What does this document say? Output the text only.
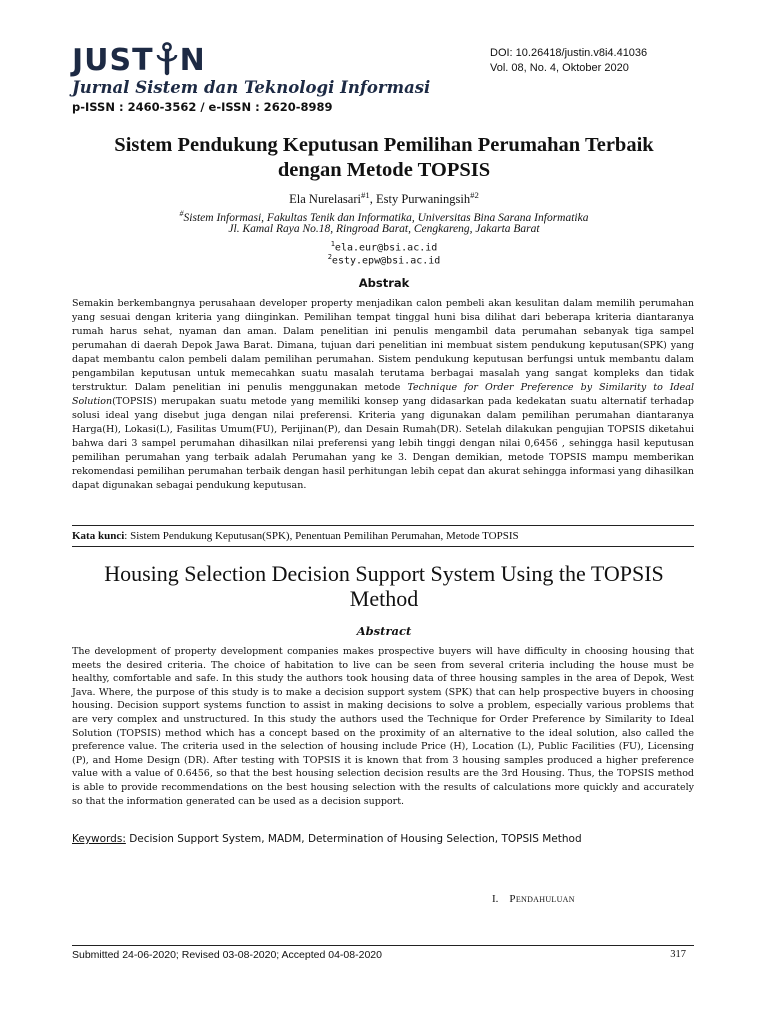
JUST N
Jurnal Sistem dan Teknologi Informasi
p-ISSN : 2460-3562 / e-ISSN : 2620-8989
DOI: 10.26418/justin.v8i4.41036
Vol. 08, No. 4, Oktober 2020
Sistem Pendukung Keputusan Pemilihan Perumahan Terbaik
dengan Metode TOPSIS
Ela Nurelasari$^{\#1}$, Esty Purwaningsih$^{\#2}$
#Sistem Informasi, Fakultas Tenik dan Informatika, Universitas Bina Sarana Informatika
Jl. Kamal Raya No.18, Ringroad Barat, Cengkareng, Jakarta Barat
$^1$ela.eur@bsi.ac.id
$^2$esty.epw@bsi.ac.id
Abstrak
Semakin berkembangnya perusahaan developer property menjadikan calon pembeli akan kesulitan dalam memilih perumahan yang sesuai dengan kriteria yang diinginkan. Pemilihan tempat tinggal huni bisa dilihat dari beberapa kriteria diantaranya rumah harus sehat, nyaman dan aman. Dalam penelitian ini penulis mengambil data perumahan sebanyak tiga sampel perumahan di daerah Depok Jawa Barat. Dimana, tujuan dari penelitian ini membuat sistem pendukung keputusan(SPK) yang dapat membantu calon pembeli dalam pemilihan perumahan. Sistem pendukung keputusan berfungsi untuk membantu dalam pengambilan keputusan untuk memecahkan suatu masalah terutama berbagai masalah yang sangat kompleks dan tidak terstruktur. Dalam penelitian ini penulis menggunakan metode Technique for Order Preference by Similarity to Ideal Solution(TOPSIS) merupakan suatu metode yang memiliki konsep yang didasarkan pada kedekatan suatu alternatif terhadap solusi ideal yang disebut juga dengan nilai preferensi. Kriteria yang digunakan dalam pemilihan perumahan diantaranya Harga(H), Lokasi(L), Fasilitas Umum(FU), Perijinan(P), dan Desain Rumah(DR). Setelah dilakukan pengujian TOPSIS diketahui bahwa dari 3 sampel perumahan dihasilkan nilai preferensi yang lebih tinggi dengan nilai 0,6456 , sehingga hasil keputusan pemilihan perumahan yang terbaik adalah Perumahan yang ke 3. Dengan demikian, metode TOPSIS mampu memberikan rekomendasi pemilihan perumahan terbaik dengan hasil perhitungan lebih cepat dan akurat sehingga informasi yang dihasilkan dapat digunakan sebagai pendukung keputusan.
Kata kunci: Sistem Pendukung Keputusan(SPK), Penentuan Pemilihan Perumahan, Metode TOPSIS
Housing Selection Decision Support System Using the TOPSIS
Method
Abstract
The development of property development companies makes prospective buyers will have difficulty in choosing housing that meets the desired criteria. The choice of habitation to live can be seen from several criteria including the house must be healthy, comfortable and safe. In this study the authors took housing data of three housing samples in the area of Depok, West Java. Where, the purpose of this study is to make a decision support system (SPK) that can help prospective buyers in choosing housing. Decision support systems function to assist in making decisions to solve a problem, especially various problems that are very complex and unstructured. In this study the authors used the Technique for Order Preference by Similarity to Ideal Solution (TOPSIS) method which has a concept based on the proximity of an alternative to the ideal solution, also called the preference value. The criteria used in the selection of housing include Price (H), Location (L), Public Facilities (FU), Licensing (P), and Home Design (DR). After testing with TOPSIS it is known that from 3 housing samples produced a higher preference value with a value of 0.6456, so that the best housing selection decision results are the 3rd Housing. Thus, the TOPSIS method is able to provide recommendations on the best housing selection with the results of calculations more quickly and accurately so that the information generated can be used as a decision support.
Keywords: Decision Support System, MADM, Determination of Housing Selection, TOPSIS Method
I. Pendahuluan
Submitted 24-06-2020; Revised 03-08-2020; Accepted 04-08-2020	317
